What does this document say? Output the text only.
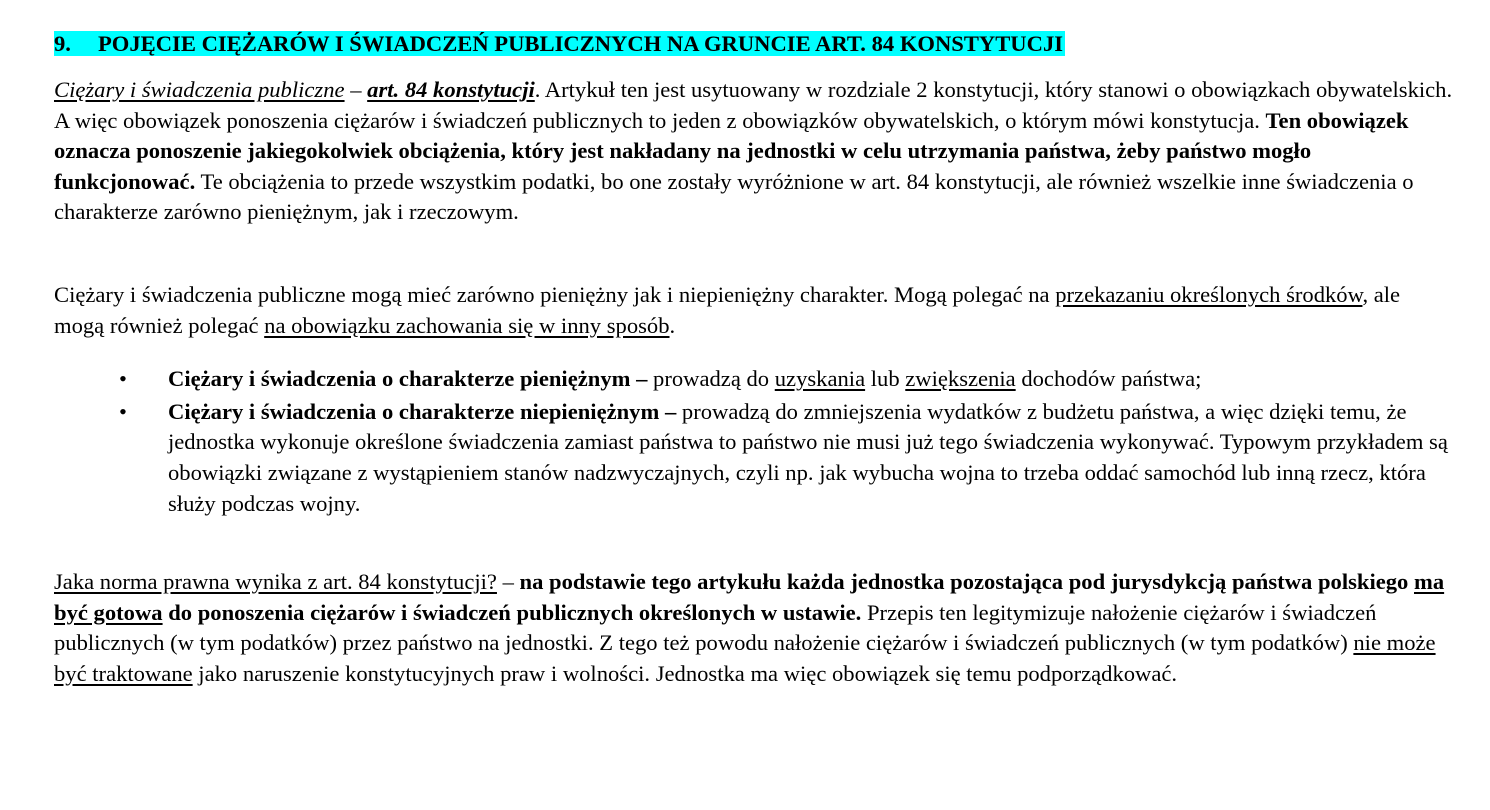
9. POJĘCIE CIĘŻARÓW I ŚWIADCZEŃ PUBLICZNYCH NA GRUNCIE ART. 84 KONSTYTUCJI

Ciężary i świadczenia publiczne – art. 84 konstytucji. Artykuł ten jest usytuowany w rozdziale 2 konstytucji, który stanowi o obowiązkach obywatelskich. A więc obowiązek ponoszenia ciężarów i świadczeń publicznych to jeden z obowiązków obywatelskich, o którym mówi konstytucja. Ten obowiązek oznacza ponoszenie jakiegokolwiek obciążenia, który jest nakładany na jednostki w celu utrzymania państwa, żeby państwo mogło funkcjonować. Te obciążenia to przede wszystkim podatki, bo one zostały wyróżnione w art. 84 konstytucji, ale również wszelkie inne świadczenia o charakterze zarówno pieniężnym, jak i rzeczowym.

Ciężary i świadczenia publiczne mogą mieć zarówno pieniężny jak i niepieniężny charakter. Mogą polegać na przekazaniu określonych środków, ale mogą również polegać na obowiązku zachowania się w inny sposób.

•	Ciężary i świadczenia o charakterze pieniężnym – prowadzą do uzyskania lub zwiększenia dochodów państwa;
•	Ciężary i świadczenia o charakterze niepieniężnym – prowadzą do zmniejszenia wydatków z budżetu państwa, a więc dzięki temu, że jednostka wykonuje określone świadczenia zamiast państwa to państwo nie musi już tego świadczenia wykonywać. Typowym przykładem są obowiązki związane z wystąpieniem stanów nadzwyczajnych, czyli np. jak wybucha wojna to trzeba oddać samochód lub inną rzecz, która służy podczas wojny.

Jaka norma prawna wynika z art. 84 konstytucji? – na podstawie tego artykułu każda jednostka pozostająca pod jurysdykcją państwa polskiego ma być gotowa do ponoszenia ciężarów i świadczeń publicznych określonych w ustawie. Przepis ten legitymizuje nałożenie ciężarów i świadczeń publicznych (w tym podatków) przez państwo na jednostki. Z tego też powodu nałożenie ciężarów i świadczeń publicznych (w tym podatków) nie może być traktowane jako naruszenie konstytucyjnych praw i wolności. Jednostka ma więc obowiązek się temu podporządkować.
